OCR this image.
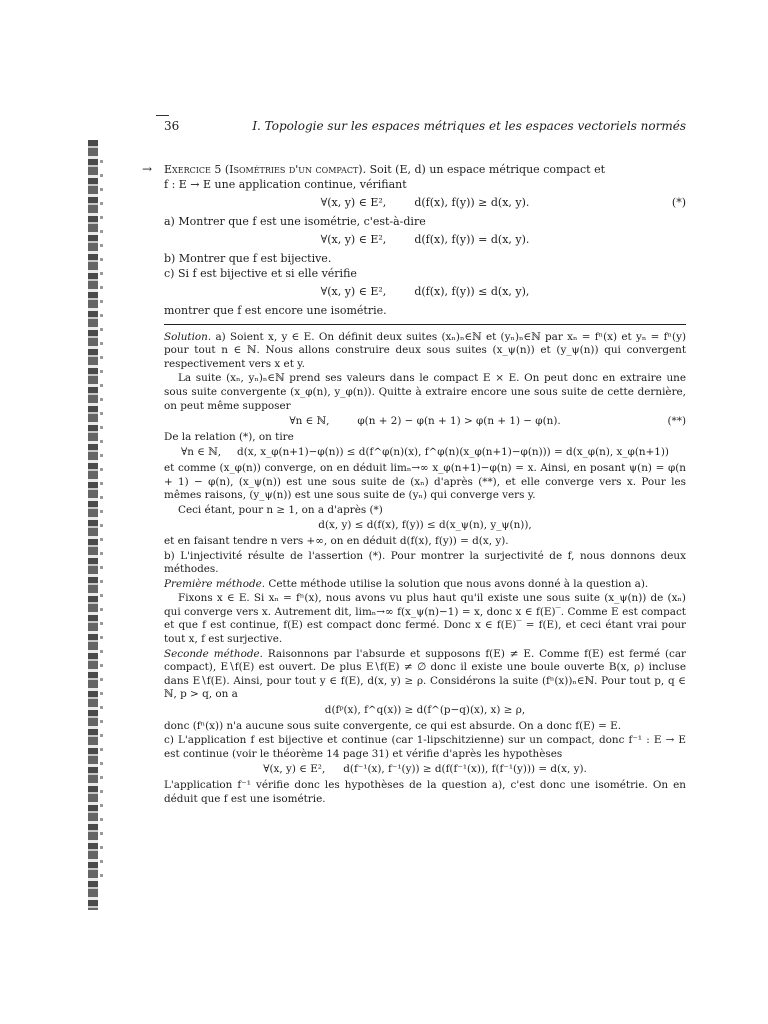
36	I. Topologie sur les espaces métriques et les espaces vectoriels normés
→ Exercice 5 (Isométries d'un compact). Soit (E, d) un espace métrique compact et
f : E → E une application continue, vérifiant

∀(x, y) ∈ E²,	d(f(x), f(y)) ≥ d(x, y).	(*)

a) Montrer que f est une isométrie, c'est-à-dire

∀(x, y) ∈ E²,	d(f(x), f(y)) = d(x, y).

b) Montrer que f est bijective.

c) Si f est bijective et si elle vérifie

∀(x, y) ∈ E²,	d(f(x), f(y)) ≤ d(x, y),

montrer que f est encore une isométrie.

Solution. a) Soient x, y ∈ E. On définit deux suites (xₙ)ₙ∈ℕ et (yₙ)ₙ∈ℕ par xₙ = fⁿ(x) et yₙ = fⁿ(y) pour tout n ∈ ℕ. Nous allons construire deux sous suites (x_ψ(n)) et (y_ψ(n)) qui convergent respectivement vers x et y.

La suite (xₙ, yₙ)ₙ∈ℕ prend ses valeurs dans le compact E × E. On peut donc en extraire une sous suite convergente (x_φ(n), y_φ(n)). Quitte à extraire encore une sous suite de cette dernière, on peut même supposer

∀n ∈ ℕ,	φ(n + 2) − φ(n + 1) > φ(n + 1) − φ(n).	(**)

De la relation (*), on tire

∀n ∈ ℕ, d(x, x_φ(n+1)−φ(n)) ≤ d(f^φ(n)(x), f^φ(n)(x_φ(n+1)−φ(n))) = d(x_φ(n), x_φ(n+1))

et comme (x_φ(n)) converge, on en déduit limₙ→∞ x_φ(n+1)−φ(n) = x. Ainsi, en posant ψ(n) = φ(n + 1) − φ(n), (x_ψ(n)) est une sous suite de (xₙ) d'après (**), et elle converge vers x. Pour les mêmes raisons, (y_ψ(n)) est une sous suite de (yₙ) qui converge vers y.

Ceci étant, pour n ≥ 1, on a d'après (*)

d(x, y) ≤ d(f(x), f(y)) ≤ d(x_ψ(n), y_ψ(n)),

et en faisant tendre n vers +∞, on en déduit d(f(x), f(y)) = d(x, y).

b) L'injectivité résulte de l'assertion (*). Pour montrer la surjectivité de f, nous donnons deux méthodes.

Première méthode. Cette méthode utilise la solution que nous avons donné à la question a).

Fixons x ∈ E. Si xₙ = fⁿ(x), nous avons vu plus haut qu'il existe une sous suite (x_ψ(n)) de (xₙ) qui converge vers x. Autrement dit, limₙ→∞ f(x_ψ(n)−1) = x, donc x ∈ f(E)‾. Comme E est compact et que f est continue, f(E) est compact donc fermé. Donc x ∈ f(E)‾ = f(E), et ceci étant vrai pour tout x, f est surjective.

Seconde méthode. Raisonnons par l'absurde et supposons f(E) ≠ E. Comme f(E) est fermé (car compact), E∖f(E) est ouvert. De plus E∖f(E) ≠ ∅ donc il existe une boule ouverte B(x, ρ) incluse dans E∖f(E). Ainsi, pour tout y ∈ f(E), d(x, y) ≥ ρ. Considérons la suite (fⁿ(x))ₙ∈ℕ. Pour tout p, q ∈ ℕ, p > q, on a

d(fᵖ(x), f^q(x)) ≥ d(f^(p−q)(x), x) ≥ ρ,

donc (fⁿ(x)) n'a aucune sous suite convergente, ce qui est absurde. On a donc f(E) = E.

c) L'application f est bijective et continue (car 1-lipschitzienne) sur un compact, donc f⁻¹ : E → E est continue (voir le théorème 14 page 31) et vérifie d'après les hypothèses

∀(x, y) ∈ E², d(f⁻¹(x), f⁻¹(y)) ≥ d(f(f⁻¹(x)), f(f⁻¹(y))) = d(x, y).

L'application f⁻¹ vérifie donc les hypothèses de la question a), c'est donc une isométrie. On en déduit que f est une isométrie.
